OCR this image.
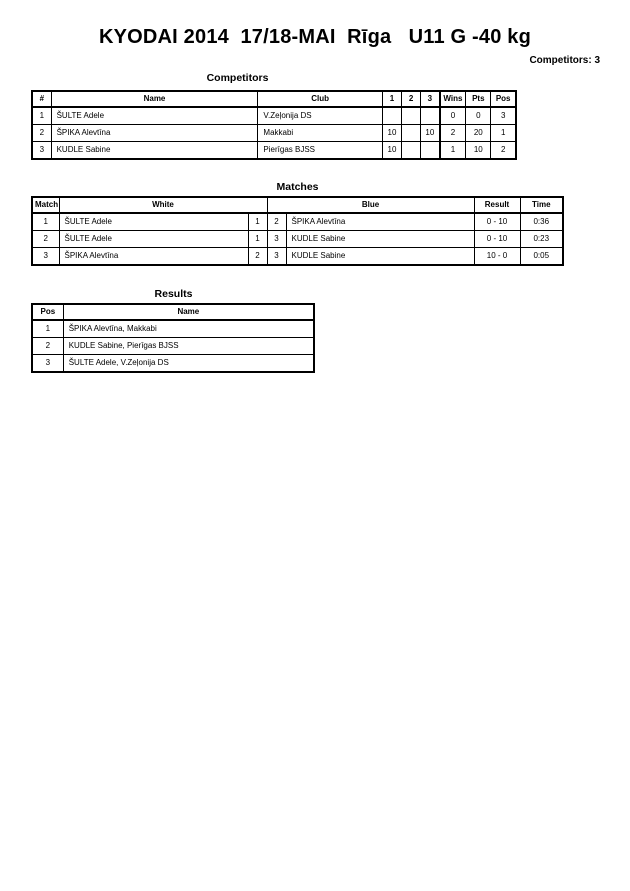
KYODAI 2014  17/18-MAI  Rīga   U11 G -40 kg
Competitors: 3
Competitors
#	Name	Club	1	2	3	Wins	Pts	Pos
1	ŠULTE Adele	V.Zeļonija DS				0	0	3
2	ŠPIKA Alevtīna	Makkabi	10		10	2	20	1
3	KUDLE Sabine	Pierīgas BJSS	10			1	10	2
Matches
Match	White		Blue		Result	Time
1	ŠULTE Adele	1	2	ŠPIKA Alevtīna	0 - 10	0:36
2	ŠULTE Adele	1	3	KUDLE Sabine	0 - 10	0:23
3	ŠPIKA Alevtīna	2	3	KUDLE Sabine	10 - 0	0:05
Results
Pos	Name
1	ŠPIKA Alevtīna, Makkabi
2	KUDLE Sabine, Pierīgas BJSS
3	ŠULTE Adele, V.Zeļonija DS
